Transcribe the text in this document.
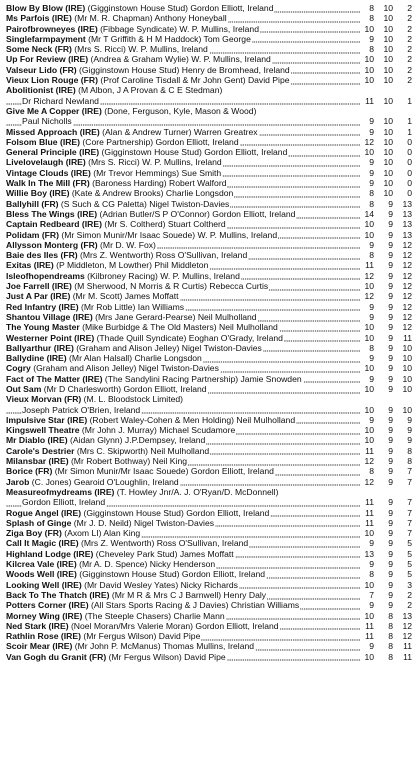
Blow By Blow (IRE) (Gigginstown House Stud) Gordon Elliott, Ireland	8	10	2
Ms Parfois (IRE) (Mr M. R. Chapman) Anthony Honeyball	8	10	2
Pairofbrowneyes (IRE) (Fibbage Syndicate) W. P. Mullins, Ireland	10	10	2
Singlefarmpayment (Mr T Griffith & H M Haddock) Tom George	9	10	2
Some Neck (FR) (Mrs S. Ricci) W. P. Mullins, Ireland	8	10	2
Up For Review (IRE) (Andrea & Graham Wylie) W. P. Mullins, Ireland	10	10	2
Valseur Lido (FR) (Gigginstown House Stud) Henry de Bromhead, Ireland	10	10	2
Vieux Lion Rouge (FR) (Prof Caroline Tisdall & Mr John Gent) David Pipe	10	10	2
Abolitionist (IRE) (M Albon, J A Provan & C E Stedman)
Dr Richard Newland	11	10	1
Give Me A Copper (IRE) (Done, Ferguson, Kyle, Mason & Wood)
Paul Nicholls	9	10	1
Missed Approach (IRE) (Alan & Andrew Turner) Warren Greatrex	9	10	1
Folsom Blue (IRE) (Core Partnership) Gordon Elliott, Ireland	12	10	0
General Principle (IRE) (Gigginstown House Stud) Gordon Elliott, Ireland	10	10	0
Livelovelaugh (IRE) (Mrs S. Ricci) W. P. Mullins, Ireland	9	10	0
Vintage Clouds (IRE) (Mr Trevor Hemmings) Sue Smith	9	10	0
Walk In The Mill (FR) (Baroness Harding) Robert Walford	9	10	0
Willie Boy (IRE) (Kate & Andrew Brooks) Charlie Longsdon	8	10	0
Ballyhill (FR) (S Such & CG Paletta) Nigel Twiston-Davies	8	9	13
Bless The Wings (IRE) (Adrian Butler/S P O'Connor) Gordon Elliott, Ireland	14	9	13
Captain Redbeard (IRE) (Mr S. Coltherd) Stuart Coltherd	10	9	13
Polidam (FR) (Mr Simon Munir/Mr Isaac Souede) W. P. Mullins, Ireland	10	9	13
Allysson Monterg (FR) (Mr D. W. Fox)	9	9	12
Baie des Iles (FR) (Mrs Z. Wentworth) Ross O'Sullivan, Ireland	8	9	12
Exitas (IRE) (P Middleton, M Lowther) Phil Middleton	11	9	12
Isleofhopendreams (Kilbroney Racing) W. P. Mullins, Ireland	12	9	12
Joe Farrell (IRE) (M Sherwood, N Morris & R Curtis) Rebecca Curtis	10	9	12
Just A Par (IRE) (Mr M. Scott) James Moffatt	12	9	12
Red Infantry (IRE) (Mr Rob Little) Ian Williams	9	9	12
Shantou Village (IRE) (Mrs Jane Gerard-Pearse) Neil Mulholland	9	9	12
The Young Master (Mike Burbidge & The Old Masters) Neil Mulholland	10	9	12
Westerner Point (IRE) (Thade Quill Syndicate) Eoghan O'Grady, Ireland	10	9	11
Ballyarthur (IRE) (Graham and Alison Jelley) Nigel Twiston-Davies	8	9	10
Ballydine (IRE) (Mr Alan Halsall) Charlie Longsdon	9	9	10
Cogry (Graham and Alison Jelley) Nigel Twiston-Davies	10	9	10
Fact of The Matter (IRE) (The Sandylini Racing Partnership) Jamie Snowden	9	9	10
Out Sam (Mr D Charlesworth) Gordon Elliott, Ireland	10	9	10
Vieux Morvan (FR) (M. L. Bloodstock Limited)
Joseph Patrick O'Brien, Ireland	10	9	10
Impulsive Star (IRE) (Robert Waley-Cohen & Men Holding) Neil Mulholland	9	9	9
Kingswell Theatre (Mr John J. Murray) Michael Scudamore	10	9	9
Mr Diablo (IRE) (Aidan Glynn) J.P.Dempsey, Ireland	10	9	9
Carole's Destrier (Mrs C. Skipworth) Neil Mulholland	11	9	8
Milansbar (IRE) (Mr Robert Bothway) Neil King	12	9	8
Borice (FR) (Mr Simon Munir/Mr Isaac Souede) Gordon Elliott, Ireland	8	9	7
Jarob (C. Jones) Gearoid O'Loughlin, Ireland	12	9	7
Measureofmydreams (IRE) (T. Howley Jnr/A. J. O'Ryan/D. McDonnell)
Gordon Elliott, Ireland	11	9	7
Rogue Angel (IRE) (Gigginstown House Stud) Gordon Elliott, Ireland	11	9	7
Splash of Ginge (Mr J. D. Neild) Nigel Twiston-Davies	11	9	7
Ziga Boy (FR) (Axom LI) Alan King	10	9	7
Call It Magic (IRE) (Mrs Z. Wentworth) Ross O'Sullivan, Ireland	9	9	5
Highland Lodge (IRE) (Cheveley Park Stud) James Moffatt	13	9	5
Kilcrea Vale (IRE) (Mr A. D. Spence) Nicky Henderson	9	9	5
Woods Well (IRE) (Gigginstown House Stud) Gordon Elliott, Ireland	8	9	5
Looking Well (IRE) (Mr David Wesley Yates) Nicky Richards	10	9	3
Back To The Thatch (IRE) (Mr M R & Mrs C J Barnwell) Henry Daly	7	9	2
Potters Corner (IRE) (All Stars Sports Racing & J Davies) Christian Williams	9	9	2
Morney Wing (IRE) (The Steeple Chasers) Charlie Mann	10	8	13
Ned Stark (IRE) (Noel Moran/Mrs Valerie Moran) Gordon Elliott, Ireland	11	8	12
Rathlin Rose (IRE) (Mr Fergus Wilson) David Pipe	11	8	12
Scoir Mear (IRE) (Mr John P. McManus) Thomas Mullins, Ireland	9	8	11
Van Gogh du Granit (FR) (Mr Fergus Wilson) David Pipe	10	8	11
